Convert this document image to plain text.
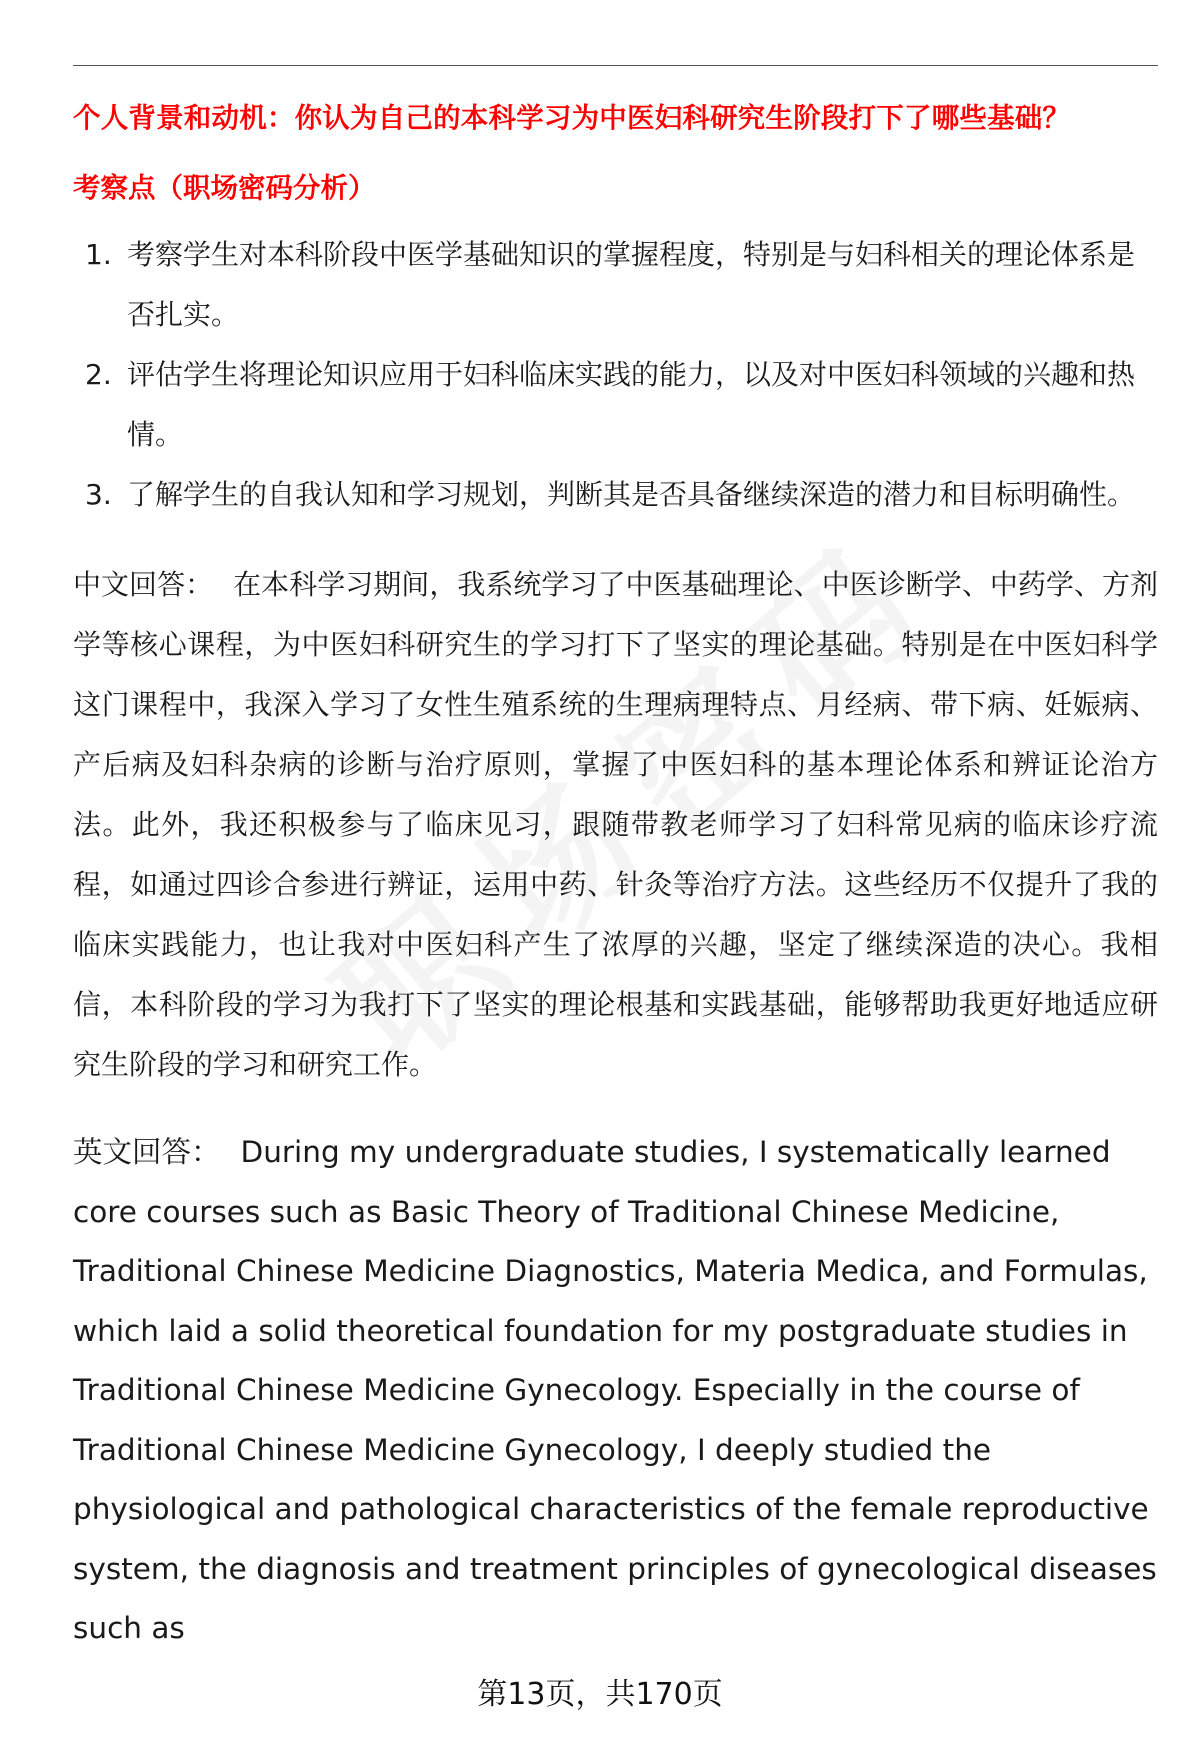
个人背景和动机：你认为自己的本科学习为中医妇科研究生阶段打下了哪些基础？
考察点（职场密码分析）
1. 考察学生对本科阶段中医学基础知识的掌握程度，特别是与妇科相关的理论体系是否扎实。
2. 评估学生将理论知识应用于妇科临床实践的能力，以及对中医妇科领域的兴趣和热情。
3. 了解学生的自我认知和学习规划，判断其是否具备继续深造的潜力和目标明确性。

中文回答： 在本科学习期间，我系统学习了中医基础理论、中医诊断学、中药学、方剂学等核心课程，为中医妇科研究生的学习打下了坚实的理论基础。特别是在中医妇科学这门课程中，我深入学习了女性生殖系统的生理病理特点、月经病、带下病、妊娠病、产后病及妇科杂病的诊断与治疗原则，掌握了中医妇科的基本理论体系和辨证论治方法。此外，我还积极参与了临床见习，跟随带教老师学习了妇科常见病的临床诊疗流程，如通过四诊合参进行辨证，运用中药、针灸等治疗方法。这些经历不仅提升了我的临床实践能力，也让我对中医妇科产生了浓厚的兴趣，坚定了继续深造的决心。我相信，本科阶段的学习为我打下了坚实的理论根基和实践基础，能够帮助我更好地适应研究生阶段的学习和研究工作。

英文回答： During my undergraduate studies, I systematically learned core courses such as Basic Theory of Traditional Chinese Medicine, Traditional Chinese Medicine Diagnostics, Materia Medica, and Formulas, which laid a solid theoretical foundation for my postgraduate studies in Traditional Chinese Medicine Gynecology. Especially in the course of Traditional Chinese Medicine Gynecology, I deeply studied the physiological and pathological characteristics of the female reproductive system, the diagnosis and treatment principles of gynecological diseases such as

第13页，共170页
